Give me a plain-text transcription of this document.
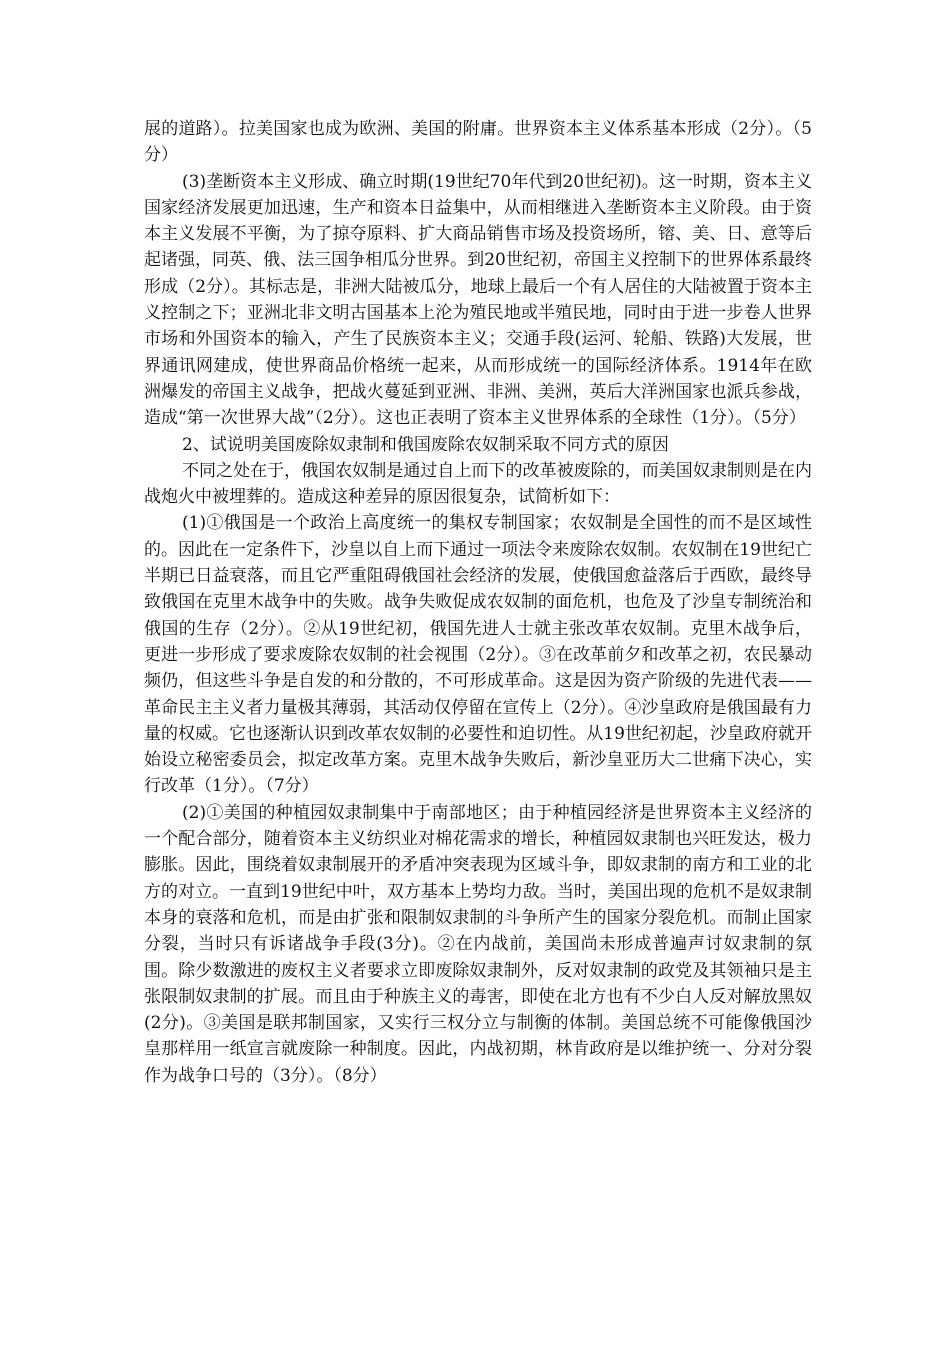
展的道路）。拉美国家也成为欧洲、美国的附庸。世界资本主义体系基本形成（2分）。（5分）

(3)垄断资本主义形成、确立时期(19世纪70年代到20世纪初)。这一时期，资本主义国家经济发展更加迅速，生产和资本日益集中，从而相继进入垄断资本主义阶段。由于资本主义发展不平衡，为了掠夺原料、扩大商品销售市场及投资场所，镕、美、日、意等后起诸强，同英、俄、法三国争相瓜分世界。到20世纪初，帝国主义控制下的世界体系最终形成（2分）。其标志是，非洲大陆被瓜分，地球上最后一个有人居住的大陆被置于资本主义控制之下；亚洲北非文明古国基本上沦为殖民地或半殖民地，同时由于进一步卷人世界市场和外国资本的输入，产生了民族资本主义；交通手段(运河、轮船、铁路)大发展，世界通讯网建成，使世界商品价格统一起来，从而形成统一的国际经济体系。1914年在欧洲爆发的帝国主义战争，把战火蔓延到亚洲、非洲、美洲，英后大洋洲国家也派兵参战，造成“第一次世界大战”（2分）。这也正表明了资本主义世界体系的全球性（1分）。（5分）

2、试说明美国废除奴隶制和俄国废除农奴制采取不同方式的原因

不同之处在于，俄国农奴制是通过自上而下的改革被废除的，而美国奴隶制则是在内战炮火中被埋葬的。造成这种差异的原因很复杂，试简析如下：

(1)①俄国是一个政治上高度统一的集权专制国家；农奴制是全国性的而不是区域性的。因此在一定条件下，沙皇以自上而下通过一项法令来废除农奴制。农奴制在19世纪亡半期已日益衰落，而且它严重阻碍俄国社会经济的发展，使俄国愈益落后于西欧，最终导致俄国在克里木战争中的失败。战争失败促成农奴制的面危机，也危及了沙皇专制统治和俄国的生存（2分）。②从19世纪初，俄国先进人士就主张改革农奴制。克里木战争后，更进一步形成了要求废除农奴制的社会视围（2分）。③在改革前夕和改革之初，农民暴动频仍，但这些斗争是自发的和分散的，不可形成革命。这是因为资产阶级的先进代表——革命民主主义者力量极其薄弱，其活动仅停留在宣传上（2分）。④沙皇政府是俄国最有力量的权威。它也逐渐认识到改革农奴制的必要性和迫切性。从19世纪初起，沙皇政府就开始设立秘密委员会，拟定改革方案。克里木战争失败后，新沙皇亚历大二世痛下决心，实行改革（1分）。（7分）

(2)①美国的种植园奴隶制集中于南部地区；由于种植园经济是世界资本主义经济的一个配合部分，随着资本主义纺织业对棉花需求的增长，种植园奴隶制也兴旺发达，极力膨胀。因此，围绕着奴隶制展开的矛盾冲突表现为区域斗争，即奴隶制的南方和工业的北方的对立。一直到19世纪中叶，双方基本上势均力敌。当时，美国出现的危机不是奴隶制本身的衰落和危机，而是由扩张和限制奴隶制的斗争所产生的国家分裂危机。而制止国家分裂，当时只有诉诸战争手段(3分)。②在内战前，美国尚未形成普遍声讨奴隶制的氛围。除少数激进的废权主义者要求立即废除奴隶制外，反对奴隶制的政党及其领袖只是主张限制奴隶制的扩展。而且由于种族主义的毒害，即使在北方也有不少白人反对解放黑奴(2分)。③美国是联邦制国家，又实行三权分立与制衡的体制。美国总统不可能像俄国沙皇那样用一纸宣言就废除一种制度。因此，内战初期，林肯政府是以维护统一、分对分裂作为战争口号的（3分）。（8分）
